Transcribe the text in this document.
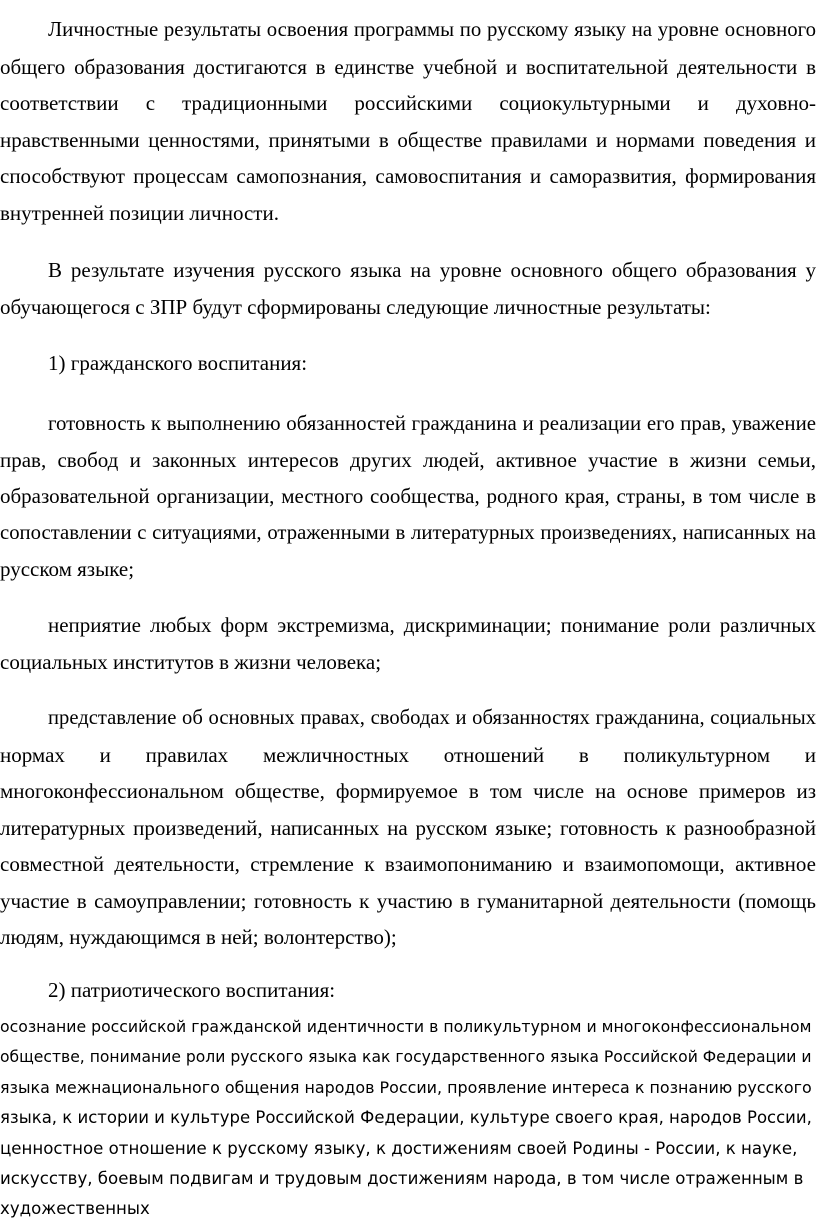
Личностные результаты освоения программы по русскому языку на уровне основного
общего образования достигаются в единстве учебной и воспитательной деятельности в
соответствии с традиционными российскими социокультурными и духовно-
нравственными ценностями, принятыми в обществе правилами и нормами поведения и
способствуют процессам самопознания, самовоспитания и саморазвития, формирования
внутренней позиции личности.
В результате изучения русского языка на уровне основного общего образования у
обучающегося с ЗПР будут сформированы следующие личностные результаты:
1) гражданского воспитания:
готовность к выполнению обязанностей гражданина и реализации его прав, уважение
прав, свобод и законных интересов других людей, активное участие в жизни семьи,
образовательной организации, местного сообщества, родного края, страны, в том числе в
сопоставлении с ситуациями, отраженными в литературных произведениях, написанных на
русском языке;
неприятие любых форм экстремизма, дискриминации; понимание роли различных
социальных институтов в жизни человека;
представление об основных правах, свободах и обязанностях гражданина, социальных
нормах и правилах межличностных отношений в поликультурном и
многоконфессиональном обществе, формируемое в том числе на основе примеров из
литературных произведений, написанных на русском языке; готовность к разнообразной
совместной деятельности, стремление к взаимопониманию и взаимопомощи, активное
участие в самоуправлении; готовность к участию в гуманитарной деятельности (помощь
людям, нуждающимся в ней; волонтерство);
2) патриотического воспитания:
осознание российской гражданской идентичности в поликультурном и многоконфессиональном
обществе, понимание роли русского языка как государственного языка Российской Федерации и
языка межнационального общения народов России, проявление интереса к познанию русского
языка, к истории и культуре Российской Федерации, культуре своего края, народов России,
ценностное отношение к русскому языку, к достижениям своей Родины - России, к науке,
искусству, боевым подвигам и трудовым достижениям народа, в том числе отраженным в
художественных
